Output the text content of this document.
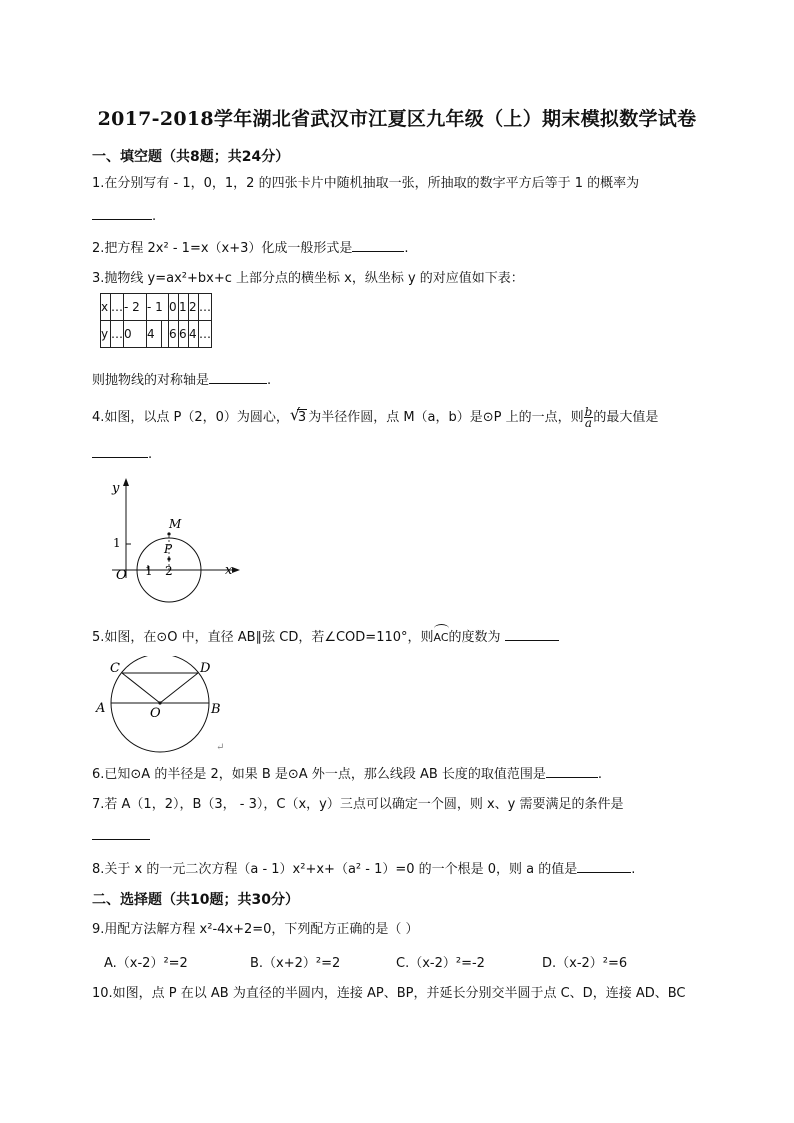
2017-2018学年湖北省武汉市江夏区九年级（上）期末模拟数学试卷
一、填空题（共8题；共24分）
1.在分别写有 - 1，0，1，2 的四张卡片中随机抽取一张，所抽取的数字平方后等于 1 的概率为
.
2.把方程 2x² - 1=x（x+3）化成一般形式是	.
3.抛物线 y=ax²+bx+c 上部分点的横坐标 x，纵坐标 y 的对应值如下表：
x	…	- 2	- 1		0	1	2	…
y	…	0	4		6	6	4	…
则抛物线的对称轴是	.
4.如图，以点 P（2，0）为圆心， √
3 为半径作圆，点 M（a，b）是⊙P 上的一点，则 $\frac{b}{a}$ 的最大值是
.
y
x
O
M
P
1
1 2
5.如图，在⊙O 中，直径 AB∥弦 CD，若∠COD=110°，则AC的度数为
C	D
A	B
O
↵
6.已知⊙A 的半径是 2，如果 B 是⊙A 外一点，那么线段 AB 长度的取值范围是	.
7.若 A（1，2），B（3， - 3），C（x，y）三点可以确定一个圆，则 x、y 需要满足的条件是
8.关于 x 的一元二次方程（a - 1）x²+x+（a² - 1）=0 的一个根是 0，则 a 的值是	.
二、选择题（共10题；共30分）
9.用配方法解方程 x²-4x+2=0，下列配方正确的是（ ）
A.（x-2）²=2	B.（x+2）²=2	C.（x-2）²=-2	D.（x-2）²=6
10.如图，点 P 在以 AB 为直径的半圆内，连接 AP、BP，并延长分别交半圆于点 C、D，连接 AD、BC
